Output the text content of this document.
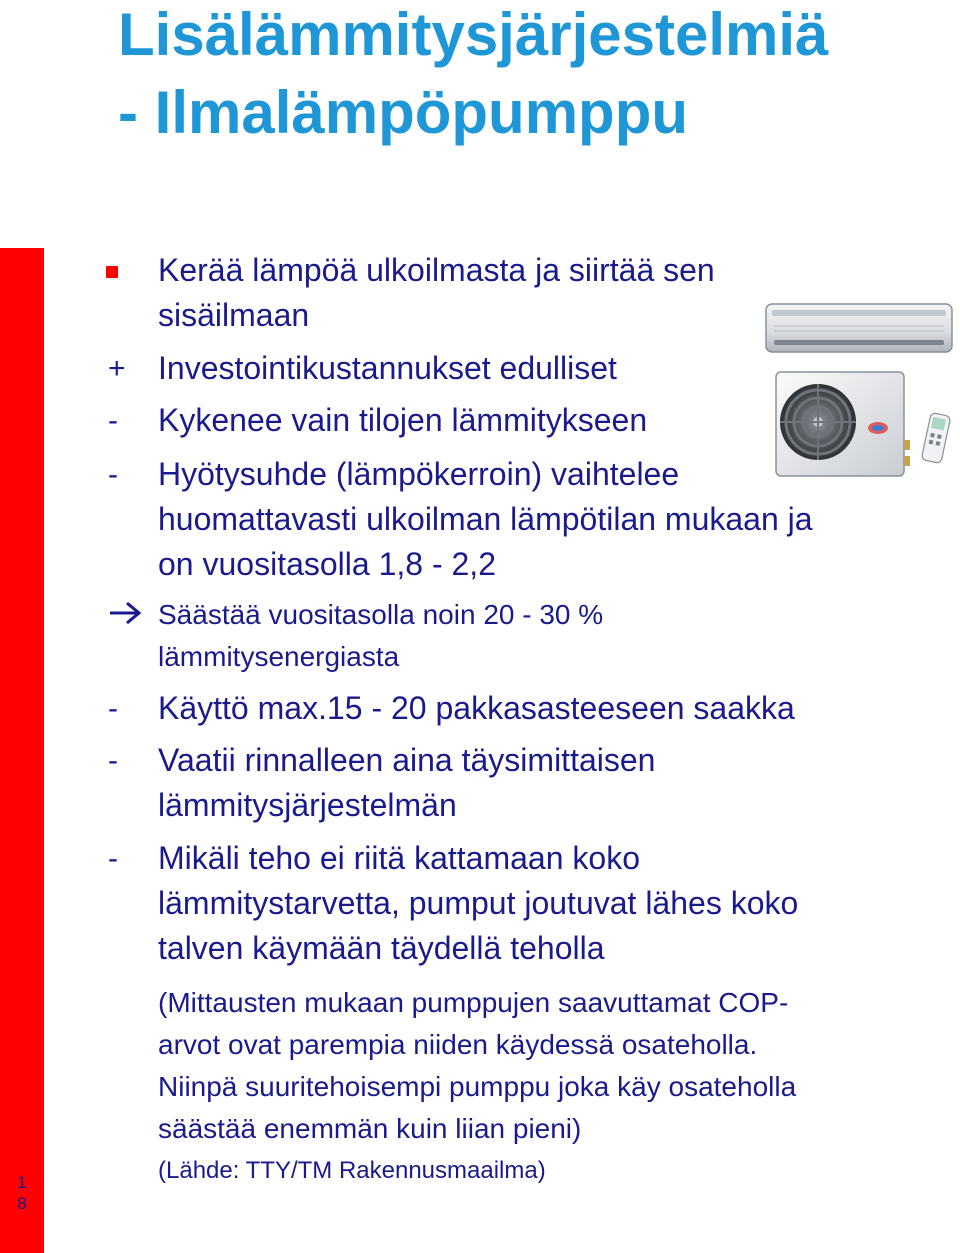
Lisälämmitysjärjestelmiä
- Ilmalämpöpumppu
1
8
+
-
-
-
-
-
Kerää lämpöä ulkoilmasta ja siirtää sen
sisäilmaan
Investointikustannukset edulliset
Kykenee vain tilojen lämmitykseen
Hyötysuhde (lämpökerroin) vaihtelee
huomattavasti ulkoilman lämpötilan mukaan ja
on vuositasolla 1,8 - 2,2
Säästää vuositasolla noin 20 - 30 %
lämmitysenergiasta
Käyttö max.15 - 20 pakkasasteeseen saakka
Vaatii rinnalleen aina täysimittaisen
lämmitysjärjestelmän
Mikäli teho ei riitä kattamaan koko
lämmitystarvetta, pumput joutuvat lähes koko
talven käymään täydellä teholla
(Mittausten mukaan pumppujen saavuttamat COP-
arvot ovat parempia niiden käydessä osateholla.
Niinpä suuritehoisempi pumppu joka käy osateholla
säästää enemmän kuin liian pieni)
(Lähde: TTY/TM Rakennusmaailma)
